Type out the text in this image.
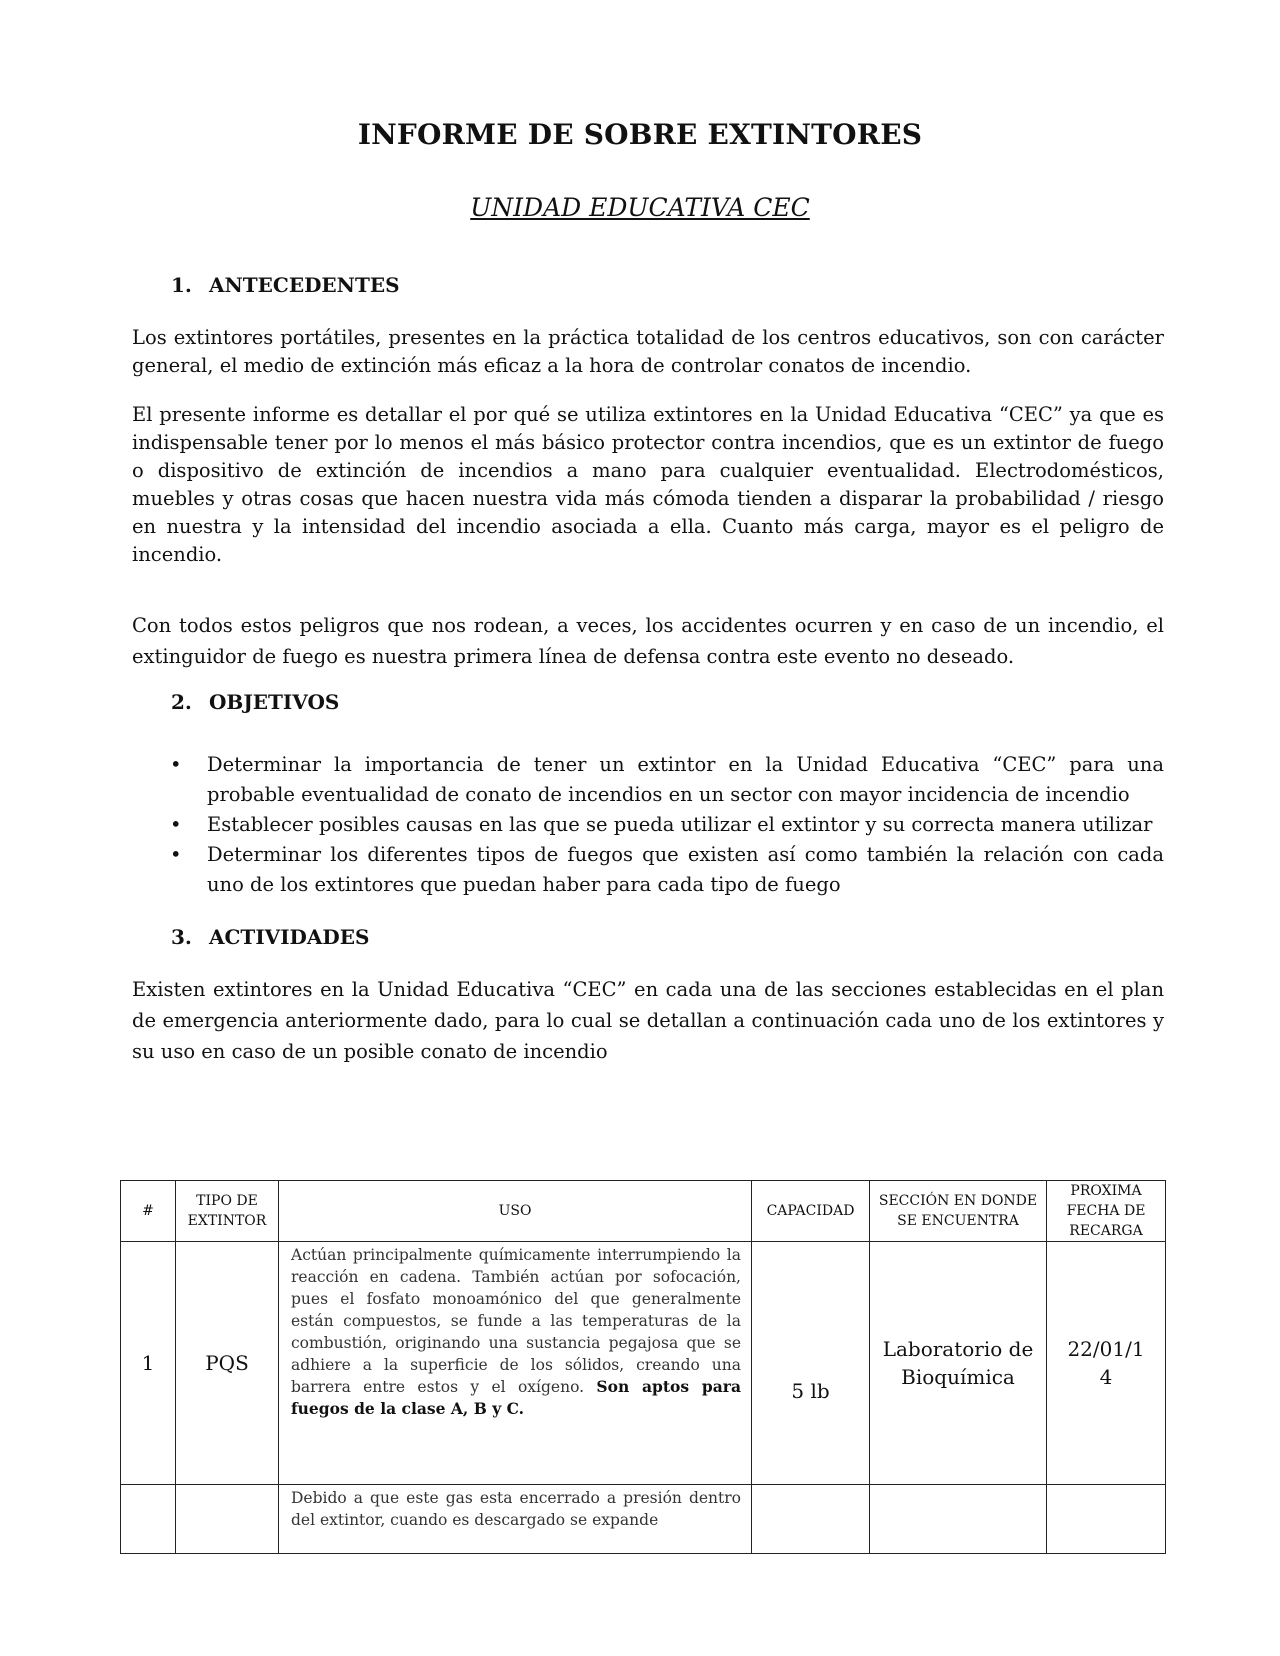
INFORME DE SOBRE EXTINTORES
UNIDAD EDUCATIVA CEC
1. ANTECEDENTES
Los extintores portátiles, presentes en la práctica totalidad de los centros educativos, son con carácter general, el medio de extinción más eficaz a la hora de controlar conatos de incendio.
El presente informe es detallar el por qué se utiliza extintores en la Unidad Educativa “CEC” ya que es indispensable tener por lo menos el más básico protector contra incendios, que es un extintor de fuego o dispositivo de extinción de incendios a mano para cualquier eventualidad. Electrodomésticos, muebles y otras cosas que hacen nuestra vida más cómoda tienden a disparar la probabilidad / riesgo en nuestra y la intensidad del incendio asociada a ella. Cuanto más carga, mayor es el peligro de incendio.
Con todos estos peligros que nos rodean, a veces, los accidentes ocurren y en caso de un incendio, el extinguidor de fuego es nuestra primera línea de defensa contra este evento no deseado.
2. OBJETIVOS
• Determinar la importancia de tener un extintor en la Unidad Educativa “CEC” para una probable eventualidad de conato de incendios en un sector con mayor incidencia de incendio
• Establecer posibles causas en las que se pueda utilizar el extintor y su correcta manera utilizar
• Determinar los diferentes tipos de fuegos que existen así como también la relación con cada uno de los extintores que puedan haber para cada tipo de fuego
3. ACTIVIDADES
Existen extintores en la Unidad Educativa “CEC” en cada una de las secciones establecidas en el plan de emergencia anteriormente dado, para lo cual se detallan a continuación cada uno de los extintores y su uso en caso de un posible conato de incendio
#	TIPO DE EXTINTOR	USO	CAPACIDAD	SECCIÓN EN DONDE SE ENCUENTRA	PROXIMA FECHA DE RECARGA
1	PQS	Actúan principalmente químicamente interrumpiendo la reacción en cadena. También actúan por sofocación, pues el fosfato monoamónico del que generalmente están compuestos, se funde a las temperaturas de la combustión, originando una sustancia pegajosa que se adhiere a la superficie de los sólidos, creando una barrera entre estos y el oxígeno. Son aptos para fuegos de la clase A, B y C.	5 lb	Laboratorio de Bioquímica	22/01/14
		Debido a que este gas esta encerrado a presión dentro del extintor, cuando es descargado se expande			
